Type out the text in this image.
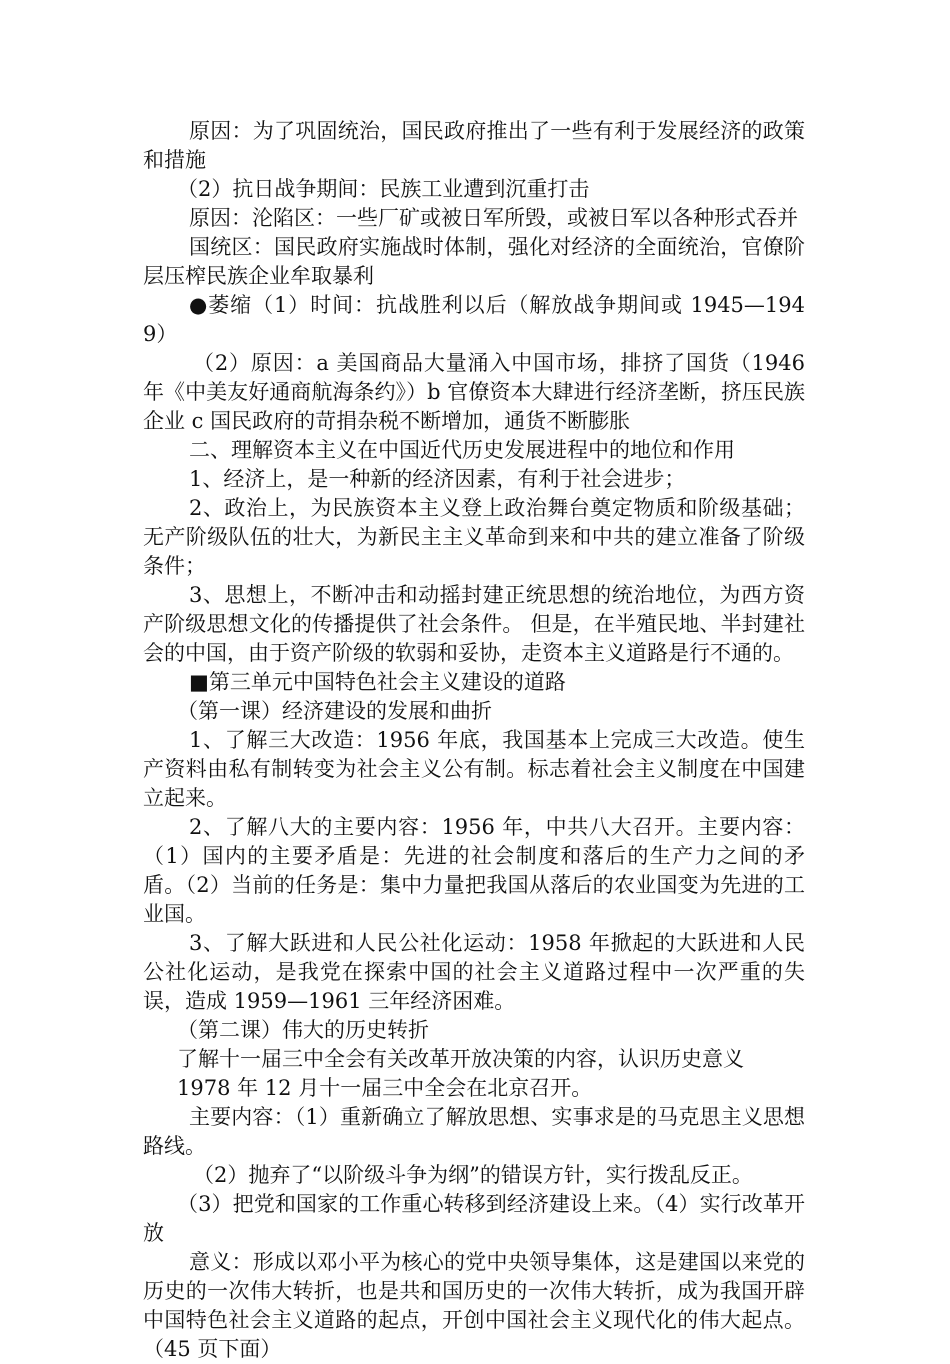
原因：为了巩固统治，国民政府推出了一些有利于发展经济的政策和措施

（2）抗日战争期间：民族工业遭到沉重打击

原因：沦陷区：一些厂矿或被日军所毁，或被日军以各种形式吞并

国统区：国民政府实施战时体制，强化对经济的全面统治，官僚阶层压榨民族企业牟取暴利

●萎缩（1）时间：抗战胜利以后（解放战争期间或 1945—1949）

（2）原因：a 美国商品大量涌入中国市场，排挤了国货（1946 年《中美友好通商航海条约》）b 官僚资本大肆进行经济垄断，挤压民族企业 c 国民政府的苛捐杂税不断增加，通货不断膨胀

二、理解资本主义在中国近代历史发展进程中的地位和作用

1、经济上，是一种新的经济因素，有利于社会进步；

2、政治上，为民族资本主义登上政治舞台奠定物质和阶级基础；无产阶级队伍的壮大，为新民主主义革命到来和中共的建立准备了阶级条件；

3、思想上，不断冲击和动摇封建正统思想的统治地位，为西方资产阶级思想文化的传播提供了社会条件。 但是，在半殖民地、半封建社会的中国，由于资产阶级的软弱和妥协，走资本主义道路是行不通的。

■第三单元中国特色社会主义建设的道路

（第一课）经济建设的发展和曲折

1、了解三大改造：1956 年底，我国基本上完成三大改造。使生产资料由私有制转变为社会主义公有制。标志着社会主义制度在中国建立起来。

2、了解八大的主要内容：1956 年，中共八大召开。主要内容：（1）国内的主要矛盾是：先进的社会制度和落后的生产力之间的矛盾。（2）当前的任务是：集中力量把我国从落后的农业国变为先进的工业国。

3、了解大跃进和人民公社化运动：1958 年掀起的大跃进和人民公社化运动，是我党在探索中国的社会主义道路过程中一次严重的失误，造成 1959—1961 三年经济困难。

（第二课）伟大的历史转折

了解十一届三中全会有关改革开放决策的内容，认识历史意义

1978 年 12 月十一届三中全会在北京召开。

主要内容：（1）重新确立了解放思想、实事求是的马克思主义思想路线。

（2）抛弃了“以阶级斗争为纲”的错误方针，实行拨乱反正。

（3）把党和国家的工作重心转移到经济建设上来。（4）实行改革开放

意义：形成以邓小平为核心的党中央领导集体，这是建国以来党的历史的一次伟大转折，也是共和国历史的一次伟大转折，成为我国开辟中国特色社会主义道路的起点，开创中国社会主义现代化的伟大起点。（45 页下面）
